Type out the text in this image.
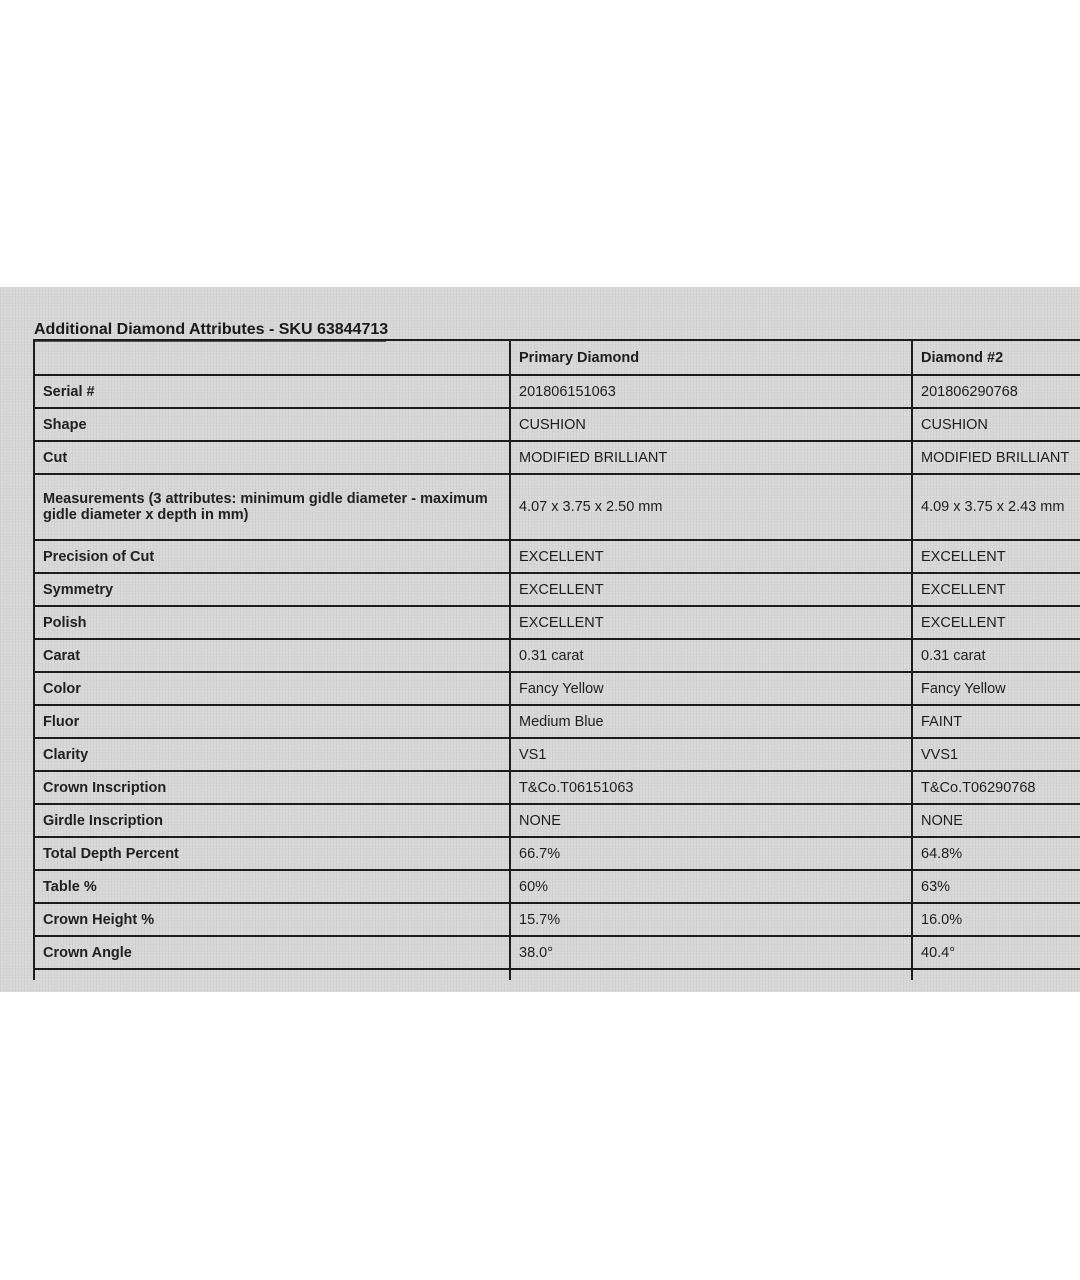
Additional Diamond Attributes - SKU 63844713
	Primary Diamond	Diamond #2
Serial #	201806151063	201806290768
Shape	CUSHION	CUSHION
Cut	MODIFIED BRILLIANT	MODIFIED BRILLIANT
Measurements (3 attributes: minimum gidle diameter - maximum gidle diameter x depth in mm)	4.07 x 3.75 x 2.50 mm	4.09 x 3.75 x 2.43 mm
Precision of Cut	EXCELLENT	EXCELLENT
Symmetry	EXCELLENT	EXCELLENT
Polish	EXCELLENT	EXCELLENT
Carat	0.31 carat	0.31 carat
Color	Fancy Yellow	Fancy Yellow
Fluor	Medium Blue	FAINT
Clarity	VS1	VVS1
Crown Inscription	T&Co.T06151063	T&Co.T06290768
Girdle Inscription	NONE	NONE
Total Depth Percent	66.7%	64.8%
Table %	60%	63%
Crown Height %	15.7%	16.0%
Crown Angle	38.0°	40.4°
